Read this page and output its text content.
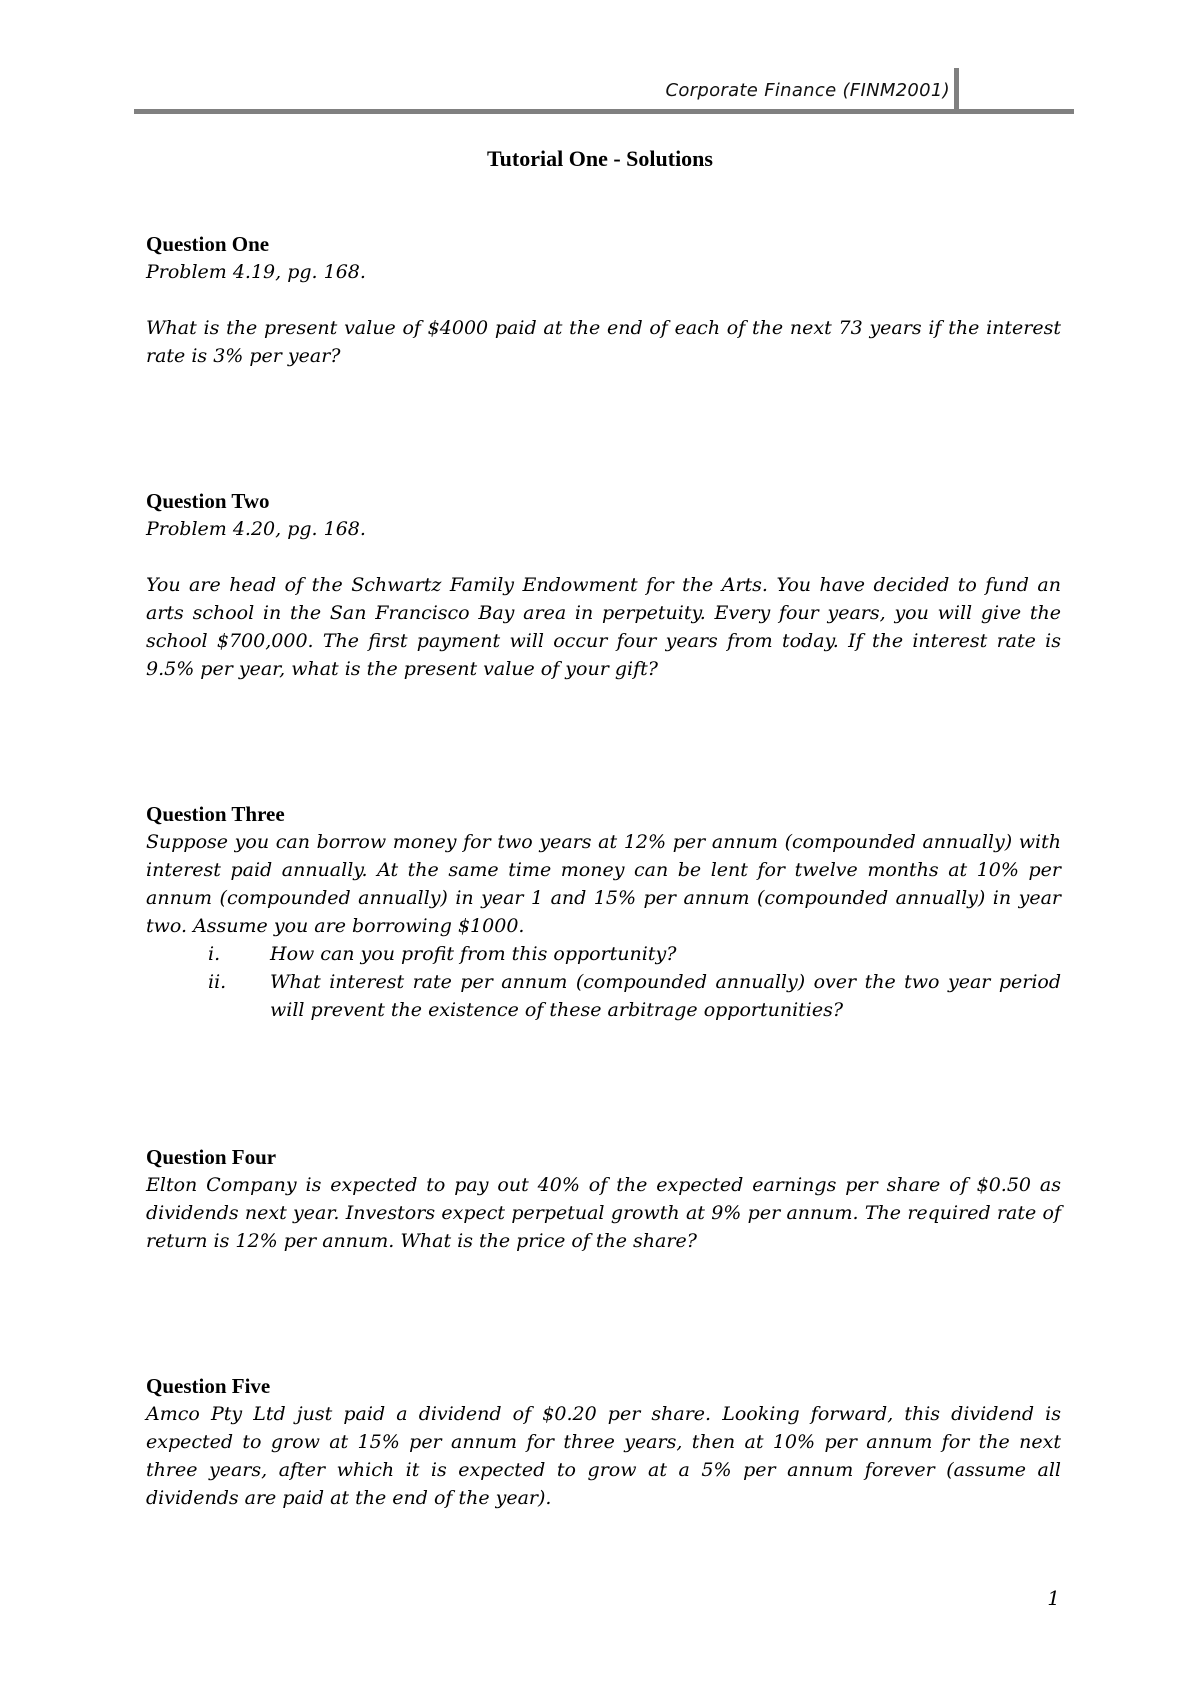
Corporate Finance (FINM2001)
Tutorial One - Solutions
Question One
Problem 4.19, pg. 168.
What is the present value of $4000 paid at the end of each of the next 73 years if the interest rate is 3% per year?
Question Two
Problem 4.20, pg. 168.
You are head of the Schwartz Family Endowment for the Arts. You have decided to fund an arts school in the San Francisco Bay area in perpetuity. Every four years, you will give the school $700,000. The first payment will occur four years from today. If the interest rate is 9.5% per year, what is the present value of your gift?
Question Three
Suppose you can borrow money for two years at 12% per annum (compounded annually) with interest paid annually. At the same time money can be lent for twelve months at 10% per annum (compounded annually) in year 1 and 15% per annum (compounded annually) in year two. Assume you are borrowing $1000.
i.	How can you profit from this opportunity?
ii.	What interest rate per annum (compounded annually) over the two year period will prevent the existence of these arbitrage opportunities?
Question Four
Elton Company is expected to pay out 40% of the expected earnings per share of $0.50 as dividends next year. Investors expect perpetual growth at 9% per annum. The required rate of return is 12% per annum. What is the price of the share?
Question Five
Amco Pty Ltd just paid a dividend of $0.20 per share. Looking forward, this dividend is expected to grow at 15% per annum for three years, then at 10% per annum for the next three years, after which it is expected to grow at a 5% per annum forever (assume all dividends are paid at the end of the year).
1
